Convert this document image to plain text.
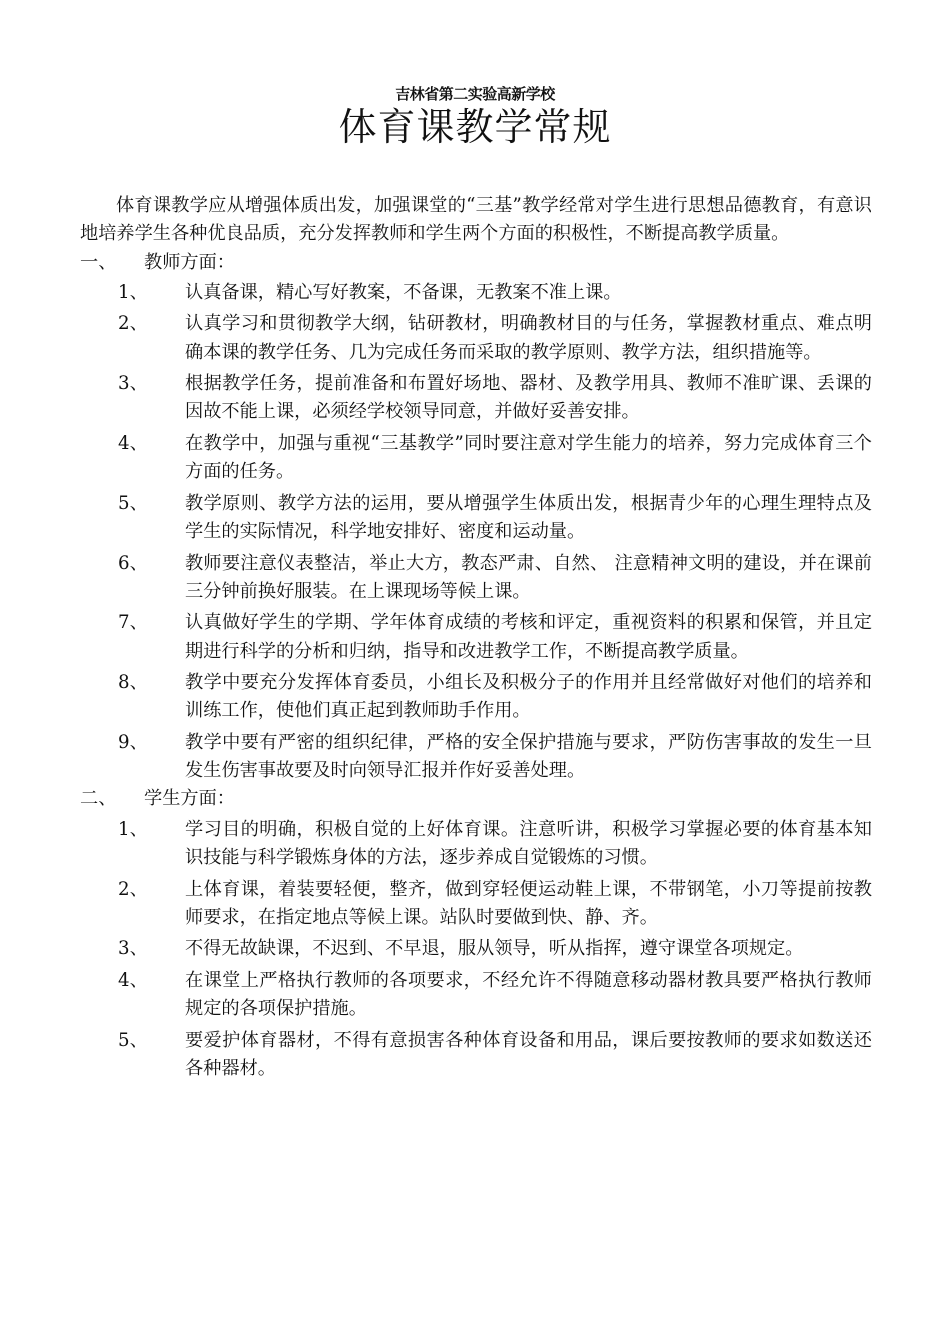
吉林省第二实验高新学校
体育课教学常规

体育课教学应从增强体质出发，加强课堂的“三基”教学经常对学生进行思想品德教育，有意识地培养学生各种优良品质，充分发挥教师和学生两个方面的积极性，不断提高教学质量。

一、	教师方面：
1、	认真备课，精心写好教案，不备课，无教案不准上课。
2、	认真学习和贯彻教学大纲，钻研教材，明确教材目的与任务，掌握教材重点、难点明确本课的教学任务、几为完成任务而采取的教学原则、教学方法，组织措施等。
3、	根据教学任务，提前准备和布置好场地、器材、及教学用具、教师不准旷课、丢课的因故不能上课，必须经学校领导同意，并做好妥善安排。
4、	在教学中，加强与重视“三基教学”同时要注意对学生能力的培养，努力完成体育三个方面的任务。
5、	教学原则、教学方法的运用，要从增强学生体质出发，根据青少年的心理生理特点及学生的实际情况，科学地安排好、密度和运动量。
6、	教师要注意仪表整洁，举止大方，教态严肃、自然、 注意精神文明的建设，并在课前三分钟前换好服装。在上课现场等候上课。
7、	认真做好学生的学期、学年体育成绩的考核和评定，重视资料的积累和保管，并且定期进行科学的分析和归纳，指导和改进教学工作，不断提高教学质量。
8、	教学中要充分发挥体育委员，小组长及积极分子的作用并且经常做好对他们的培养和训练工作，使他们真正起到教师助手作用。
9、	教学中要有严密的组织纪律，严格的安全保护措施与要求，严防伤害事故的发生一旦发生伤害事故要及时向领导汇报并作好妥善处理。
二、	学生方面：
1、	学习目的明确，积极自觉的上好体育课。注意听讲，积极学习掌握必要的体育基本知识技能与科学锻炼身体的方法，逐步养成自觉锻炼的习惯。
2、	上体育课，着装要轻便，整齐，做到穿轻便运动鞋上课，不带钢笔，小刀等提前按教师要求，在指定地点等候上课。站队时要做到快、静、齐。
3、	不得无故缺课，不迟到、不早退，服从领导，听从指挥，遵守课堂各项规定。
4、	在课堂上严格执行教师的各项要求，不经允许不得随意移动器材教具要严格执行教师规定的各项保护措施。
5、	要爱护体育器材，不得有意损害各种体育设备和用品，课后要按教师的要求如数送还各种器材。
